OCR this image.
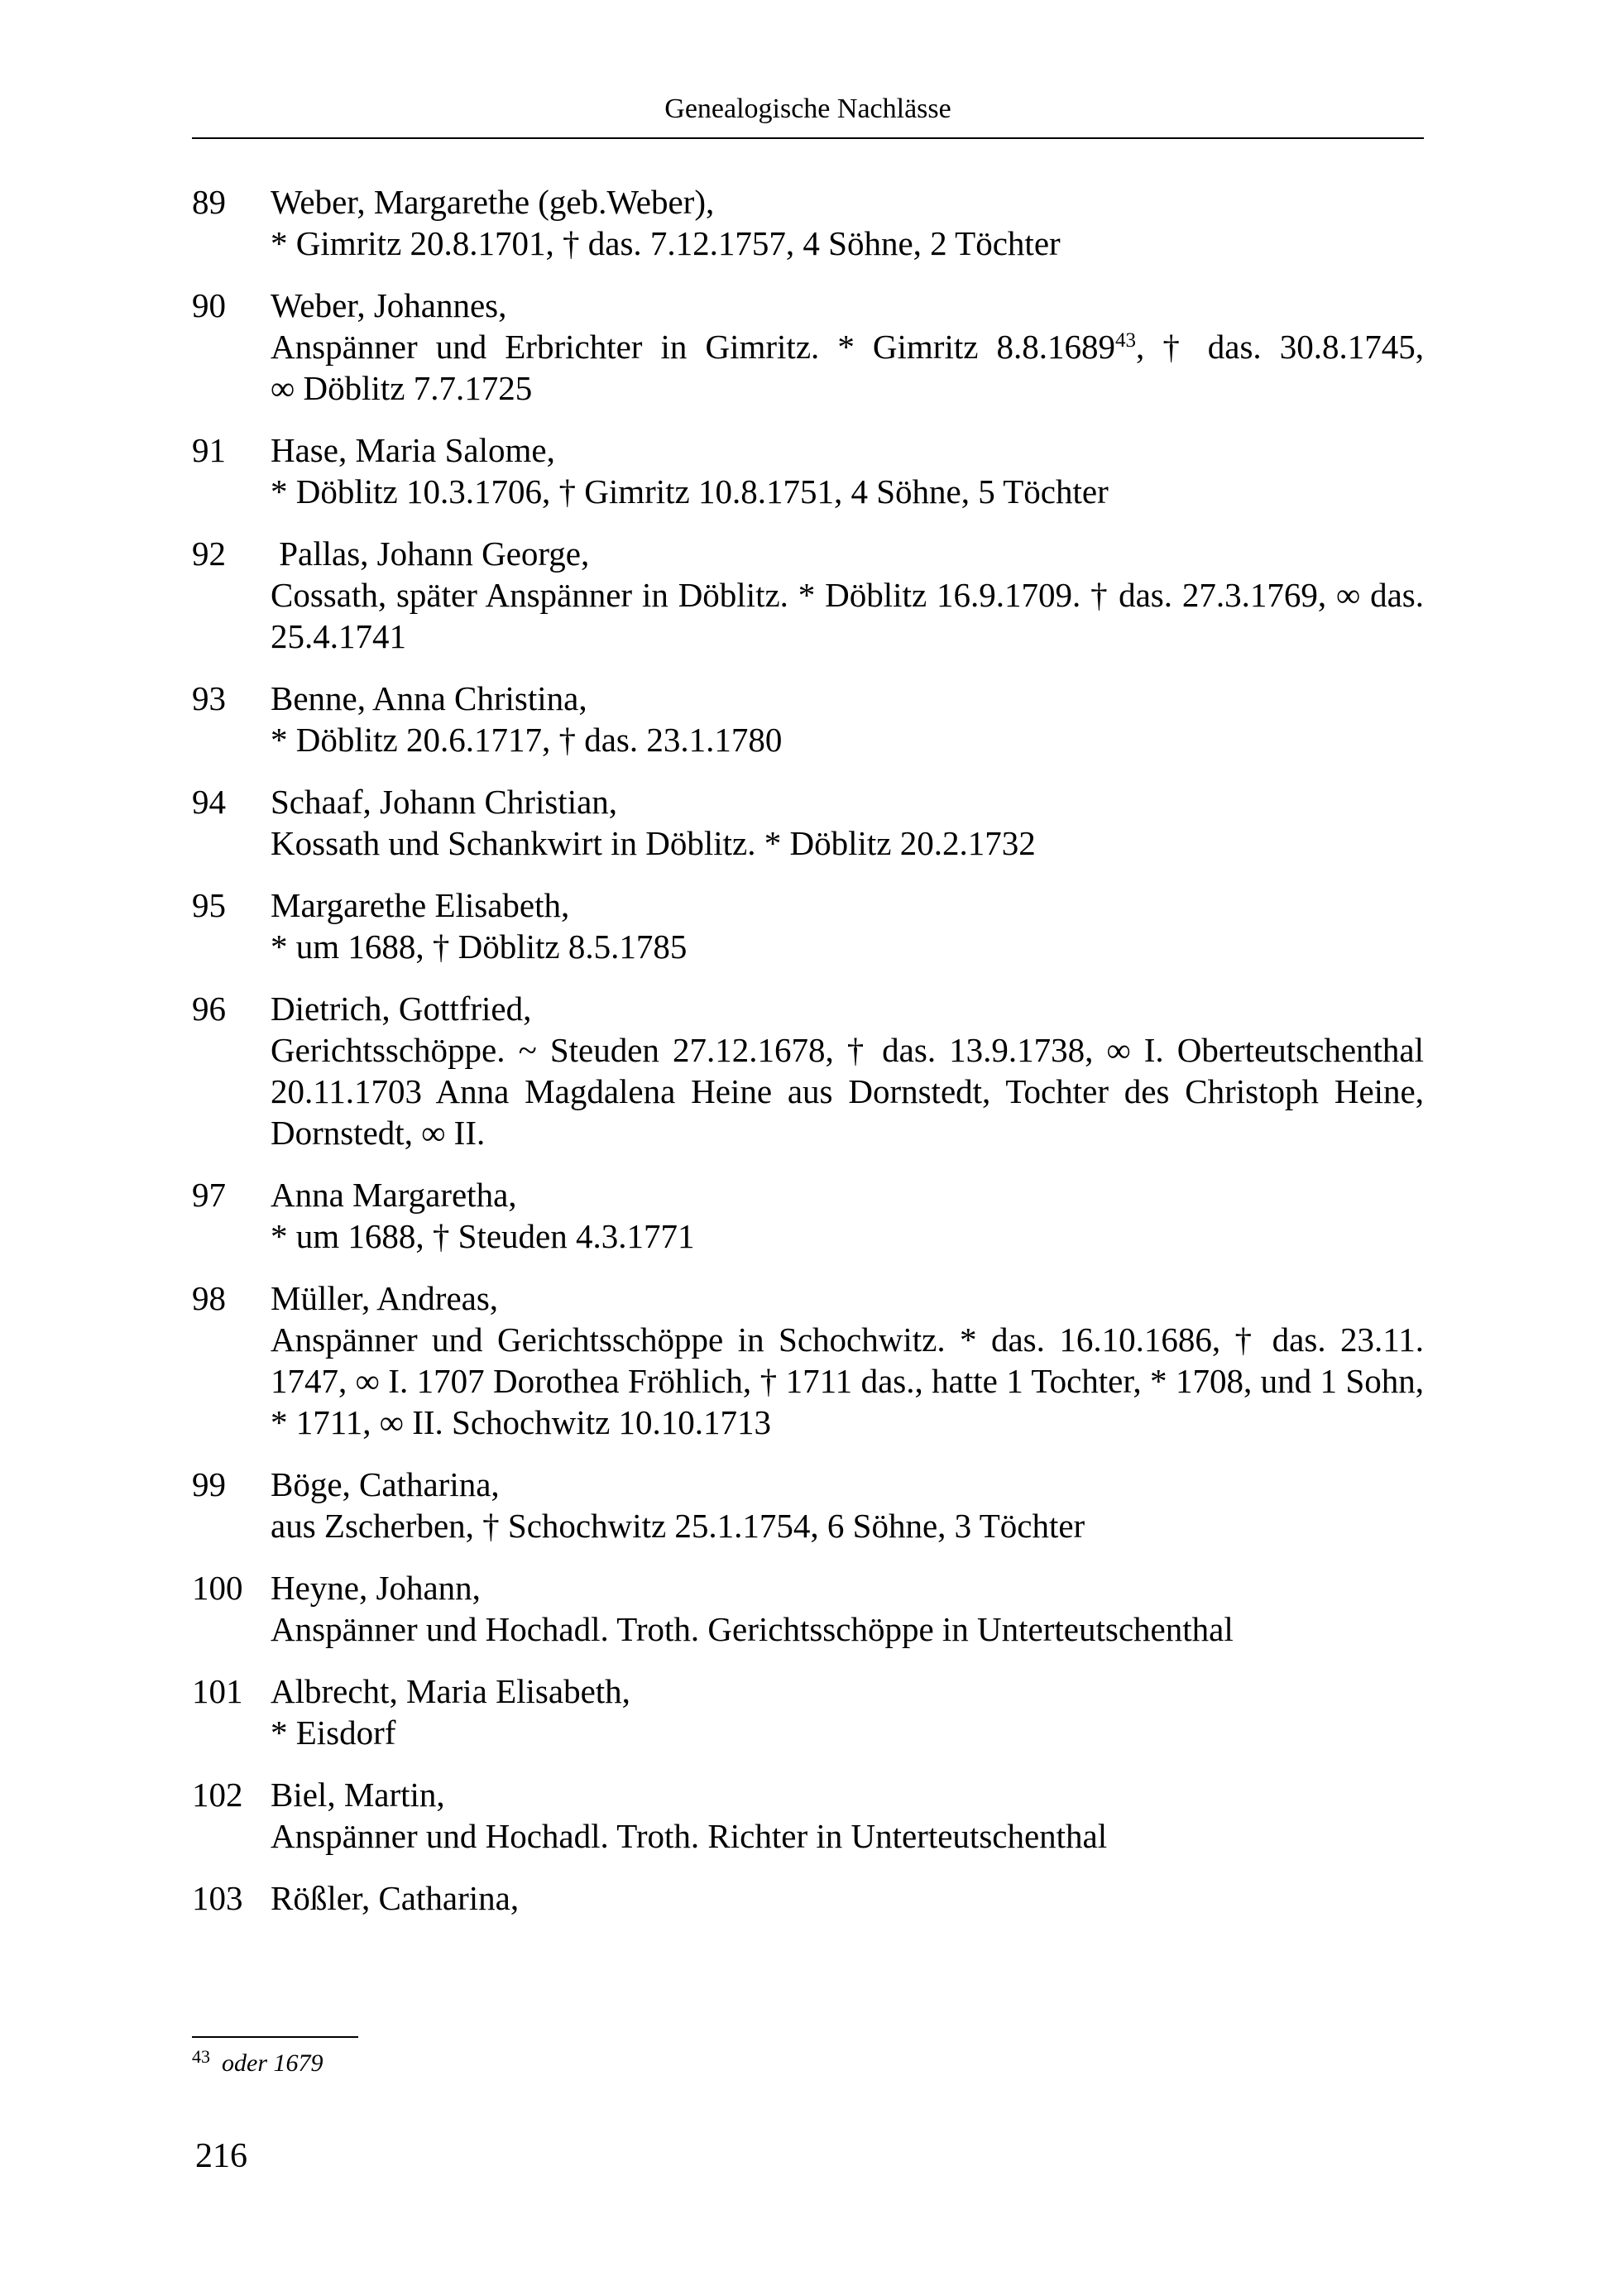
Genealogische Nachlässe
89	Weber, Margarethe (geb.Weber),
* Gimritz 20.8.1701, † das. 7.12.1757, 4 Söhne, 2 Töchter
90	Weber, Johannes,
Anspänner und Erbrichter in Gimritz. * Gimritz 8.8.1689$^{43}$, † das. 30.8.1745,
∞ Döblitz 7.7.1725
91	Hase, Maria Salome,
* Döblitz 10.3.1706, † Gimritz 10.8.1751, 4 Söhne, 5 Töchter
92	Pallas, Johann George,
Cossath, später Anspänner in Döblitz. * Döblitz 16.9.1709. † das. 27.3.1769, ∞ das.
25.4.1741
93	Benne, Anna Christina,
* Döblitz 20.6.1717, † das. 23.1.1780
94	Schaaf, Johann Christian,
Kossath und Schankwirt in Döblitz. * Döblitz 20.2.1732
95	Margarethe Elisabeth,
* um 1688, † Döblitz 8.5.1785
96	Dietrich, Gottfried,
Gerichtsschöppe. ~ Steuden 27.12.1678, † das. 13.9.1738, ∞ I. Oberteutschenthal
20.11.1703 Anna Magdalena Heine aus Dornstedt, Tochter des Christoph Heine,
Dornstedt, ∞ II.
97	Anna Margaretha,
* um 1688, † Steuden 4.3.1771
98	Müller, Andreas,
Anspänner und Gerichtsschöppe in Schochwitz. * das. 16.10.1686, † das. 23.11.
1747, ∞ I. 1707 Dorothea Fröhlich, † 1711 das., hatte 1 Tochter, * 1708, und 1 Sohn,
* 1711, ∞ II. Schochwitz 10.10.1713
99	Böge, Catharina,
aus Zscherben, † Schochwitz 25.1.1754, 6 Söhne, 3 Töchter
100 Heyne, Johann,
Anspänner und Hochadl. Troth. Gerichtsschöppe in Unterteutschenthal
101 Albrecht, Maria Elisabeth,
* Eisdorf
102 Biel, Martin,
Anspänner und Hochadl. Troth. Richter in Unterteutschenthal
103 Rößler, Catharina,
$^{43}$ oder 1679
216
